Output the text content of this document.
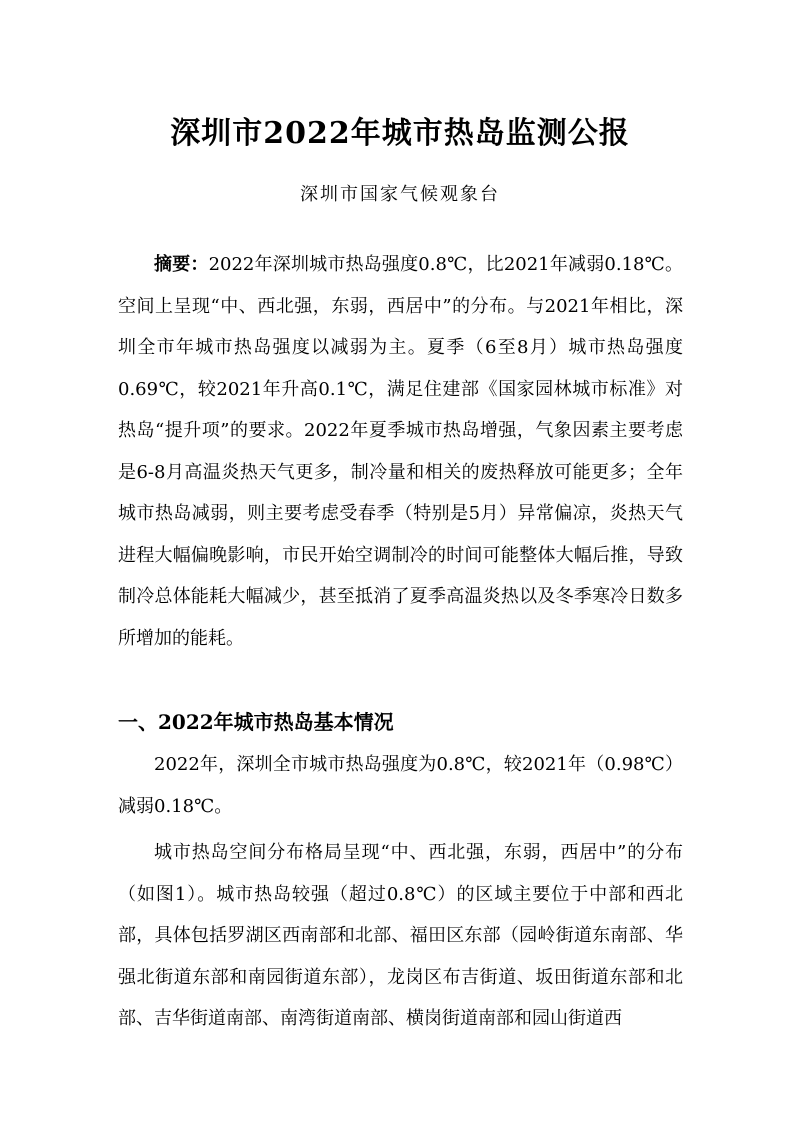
深圳市2022年城市热岛监测公报

深圳市国家气候观象台

摘要：2022年深圳城市热岛强度0.8℃，比2021年减弱0.18℃。空间上呈现“中、西北强，东弱，西居中”的分布。与2021年相比，深圳全市年城市热岛强度以减弱为主。夏季（6至8月）城市热岛强度0.69℃，较2021年升高0.1℃，满足住建部《国家园林城市标准》对热岛“提升项”的要求。2022年夏季城市热岛增强，气象因素主要考虑是6-8月高温炎热天气更多，制冷量和相关的废热释放可能更多；全年城市热岛减弱，则主要考虑受春季（特别是5月）异常偏凉，炎热天气进程大幅偏晚影响，市民开始空调制冷的时间可能整体大幅后推，导致制冷总体能耗大幅减少，甚至抵消了夏季高温炎热以及冬季寒冷日数多所增加的能耗。

一、2022年城市热岛基本情况

2022年，深圳全市城市热岛强度为0.8℃，较2021年（0.98℃）减弱0.18℃。

城市热岛空间分布格局呈现“中、西北强，东弱，西居中”的分布（如图1）。城市热岛较强（超过0.8℃）的区域主要位于中部和西北部，具体包括罗湖区西南部和北部、福田区东部（园岭街道东南部、华强北街道东部和南园街道东部），龙岗区布吉街道、坂田街道东部和北部、吉华街道南部、南湾街道南部、横岗街道南部和园山街道西
